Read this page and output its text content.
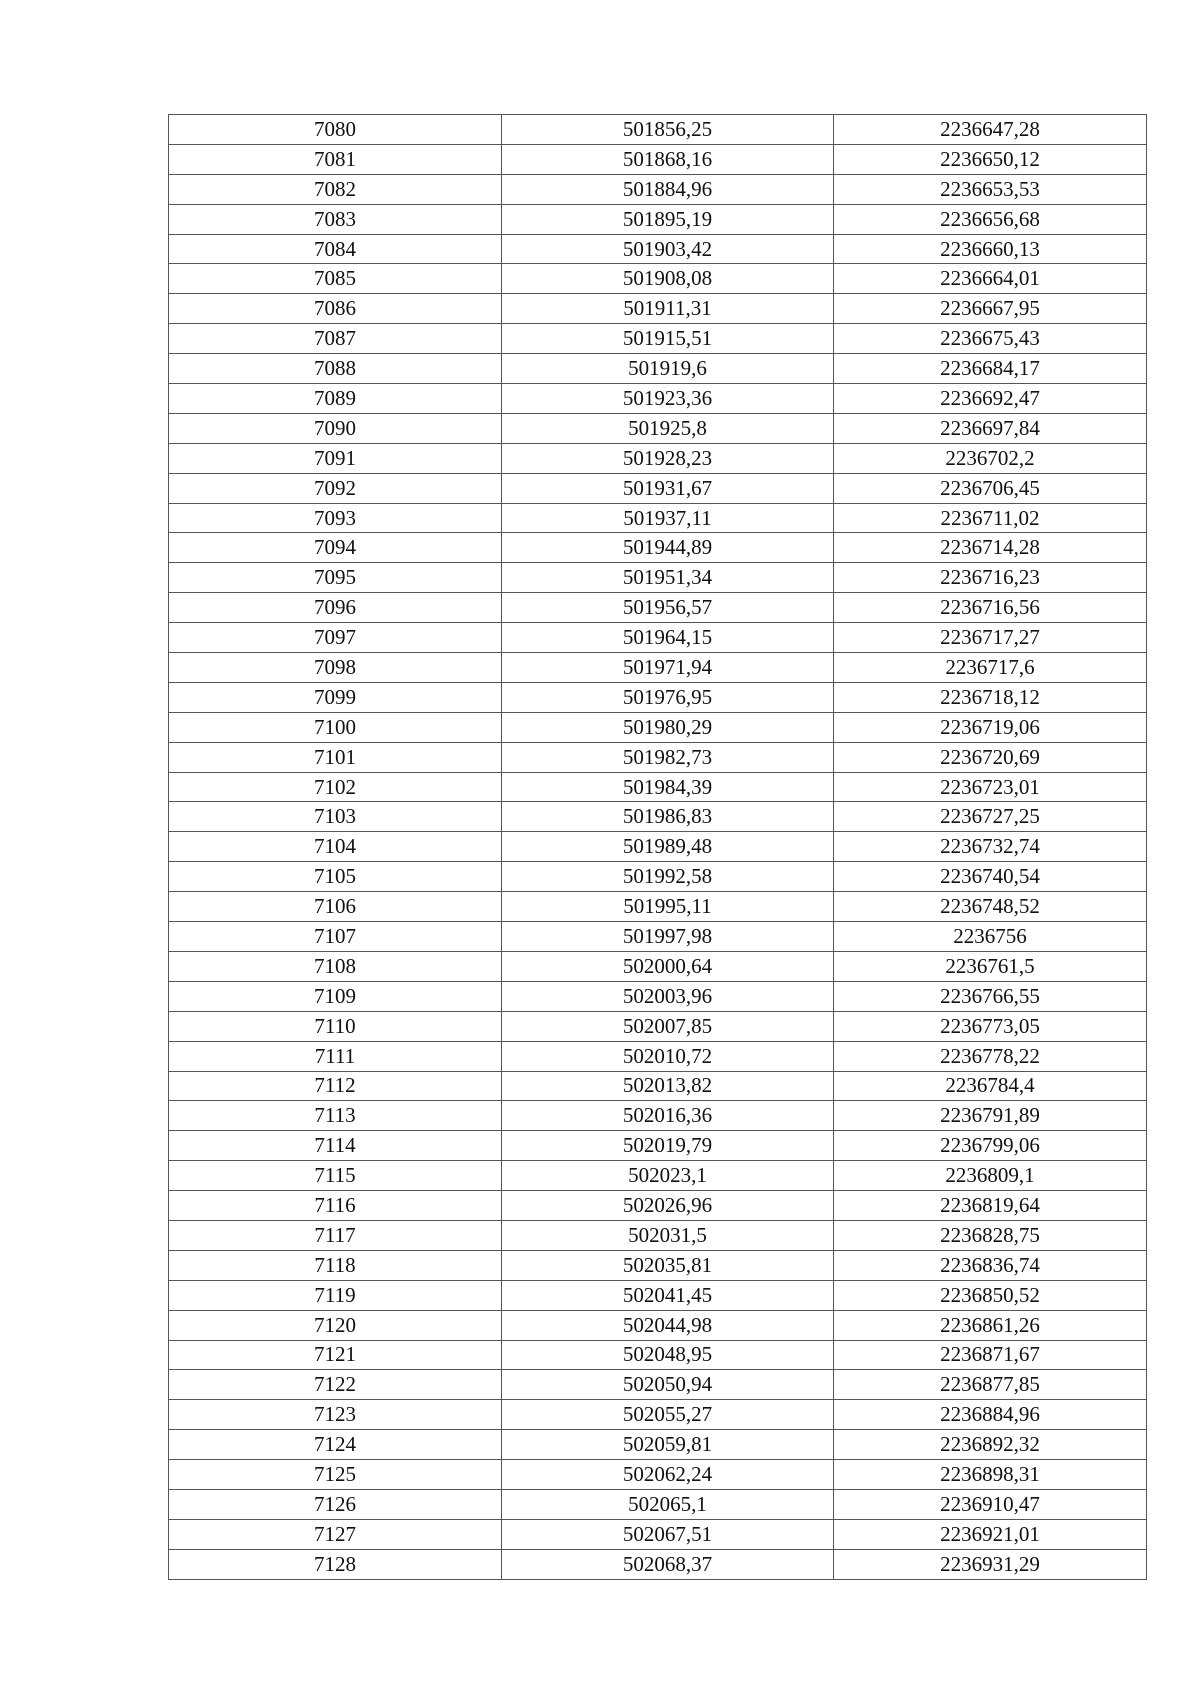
7080	501856,25	2236647,28
7081	501868,16	2236650,12
7082	501884,96	2236653,53
7083	501895,19	2236656,68
7084	501903,42	2236660,13
7085	501908,08	2236664,01
7086	501911,31	2236667,95
7087	501915,51	2236675,43
7088	501919,6	2236684,17
7089	501923,36	2236692,47
7090	501925,8	2236697,84
7091	501928,23	2236702,2
7092	501931,67	2236706,45
7093	501937,11	2236711,02
7094	501944,89	2236714,28
7095	501951,34	2236716,23
7096	501956,57	2236716,56
7097	501964,15	2236717,27
7098	501971,94	2236717,6
7099	501976,95	2236718,12
7100	501980,29	2236719,06
7101	501982,73	2236720,69
7102	501984,39	2236723,01
7103	501986,83	2236727,25
7104	501989,48	2236732,74
7105	501992,58	2236740,54
7106	501995,11	2236748,52
7107	501997,98	2236756
7108	502000,64	2236761,5
7109	502003,96	2236766,55
7110	502007,85	2236773,05
7111	502010,72	2236778,22
7112	502013,82	2236784,4
7113	502016,36	2236791,89
7114	502019,79	2236799,06
7115	502023,1	2236809,1
7116	502026,96	2236819,64
7117	502031,5	2236828,75
7118	502035,81	2236836,74
7119	502041,45	2236850,52
7120	502044,98	2236861,26
7121	502048,95	2236871,67
7122	502050,94	2236877,85
7123	502055,27	2236884,96
7124	502059,81	2236892,32
7125	502062,24	2236898,31
7126	502065,1	2236910,47
7127	502067,51	2236921,01
7128	502068,37	2236931,29
